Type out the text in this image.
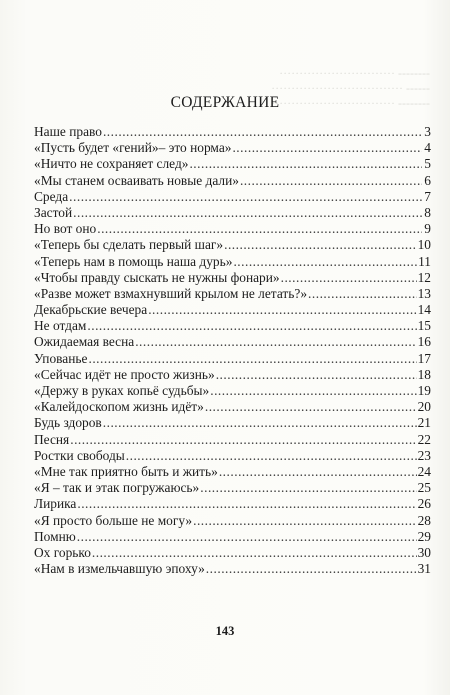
-------- ·····························
------ ·································
-------- ·······························
СОДЕРЖАНИЕ
Наше право .....	3
«Пусть будет «гений»– это норма» .....	4
«Ничто не сохраняет след» .....	5
«Мы станем осваивать новые дали» .....	6
Среда .....	7
Застой .....	8
Но вот оно .....	9
«Теперь бы сделать первый шаг» .....	10
«Теперь нам в помощь наша дурь» .....	11
«Чтобы правду сыскать не нужны фонари» .....	12
«Разве может взмахнувший крылом не летать?» .....	13
Декабрьские вечера .....	14
Не отдам .....	15
Ожидаемая весна .....	16
Упованье .....	17
«Сейчас идёт не просто жизнь» .....	18
«Держу в руках копьё судьбы» .....	19
«Калейдоскопом жизнь идёт» .....	20
Будь здоров .....	21
Песня .....	22
Ростки свободы .....	23
«Мне так приятно быть и жить» .....	24
«Я – так и этак погружаюсь» .....	25
Лирика .....	26
«Я просто больше не могу» .....	28
Помню .....	29
Ох горько .....	30
«Нам в измельчавшую эпоху» .....	31
143
